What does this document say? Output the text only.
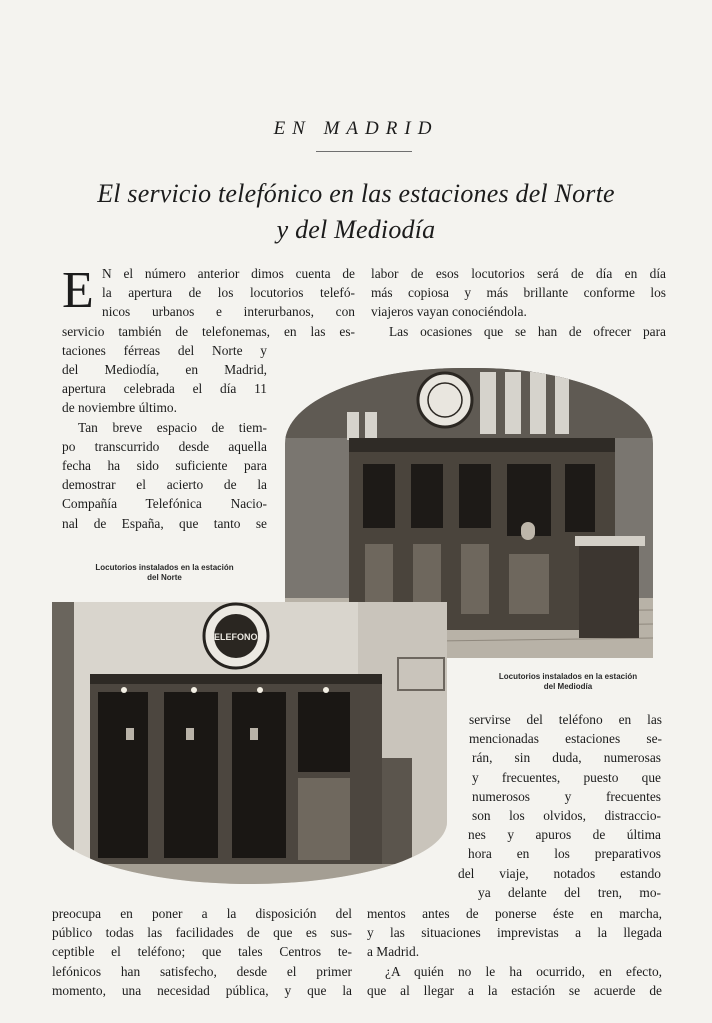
EN MADRID
El servicio telefónico en las estaciones del Norte
y del Mediodía
E N el número anterior dimos cuenta de
la apertura de los locutorios telefó-
nicos urbanos e interurbanos, con
servicio también de telefonemas, en las es-
taciones férreas del Norte y
del Mediodía, en Madrid,
apertura celebrada el día 11
de noviembre último.
Tan breve espacio de tiem-
po transcurrido desde aquella
fecha ha sido suficiente para
demostrar el acierto de la
Compañía Telefónica Nacio-
nal de España, que tanto se
labor de esos locutorios será de día en día
más copiosa y más brillante conforme los
viajeros vayan conociéndola.
Las ocasiones que se han de ofrecer para
Locutorios instalados en la estación
del Norte
TELEFONOS
Locutorios instalados en la estación
del Mediodía
servirse del teléfono en las
mencionadas estaciones se-
rán, sin duda, numerosas
y frecuentes, puesto que
numerosos y frecuentes
son los olvidos, distraccio-
nes y apuros de última
hora en los preparativos
del viaje, notados estando
ya delante del tren, mo-
preocupa en poner a la disposición del
público todas las facilidades de que es sus-
ceptible el teléfono; que tales Centros te-
lefónicos han satisfecho, desde el primer
momento, una necesidad pública, y que la
mentos antes de ponerse éste en marcha,
y las situaciones imprevistas a la llegada
a Madrid.
¿A quién no le ha ocurrido, en efecto,
que al llegar a la estación se acuerde de
